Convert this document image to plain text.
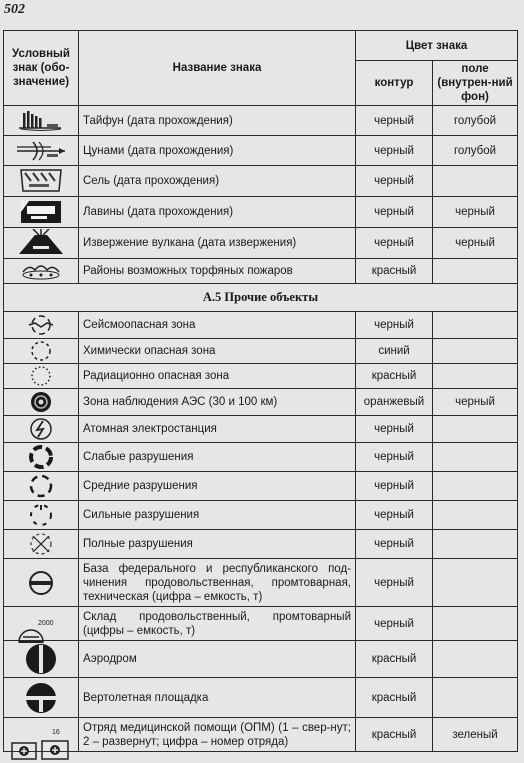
502
Условный знак (обо-значение)	Название знака	Цвет знака	
		контур	поле (внутрен-ний фон)

	Тайфун (дата прохождения)	черный	голубой

	Цунами (дата прохождения)	черный	голубой

	Сель (дата прохождения)	черный	

	Лавины (дата прохождения)	черный	черный

	Извержение вулкана (дата извержения)	черный	черный

	Районы возможных торфяных пожаров	красный	
А.5 Прочие объекты			

	Сейсмоопасная зона	черный	

	Химически опасная зона	синий	

	Радиационно опасная зона	красный	

	Зона наблюдения АЭС (30 и 100 км)	оранжевый	черный

	Атомная электростанция	черный	

	Слабые разрушения	черный	

	Средние разрушения	черный	

	Сильные разрушения	черный	

	Полные разрушения	черный	

	База федерального и республиканского под-чинения продовольственная, промтоварная, техническая (цифра – емкость, т)	черный	

2000	Склад продовольственный, промтоварный (цифры – емкость, т)	черный	

	Аэродром	красный	

	Вертолетная площадка	красный	

16	Отряд медицинской помощи (ОПМ) (1 – свер-нут; 2 – развернут; цифра – номер отряда)	красный	зеленый
